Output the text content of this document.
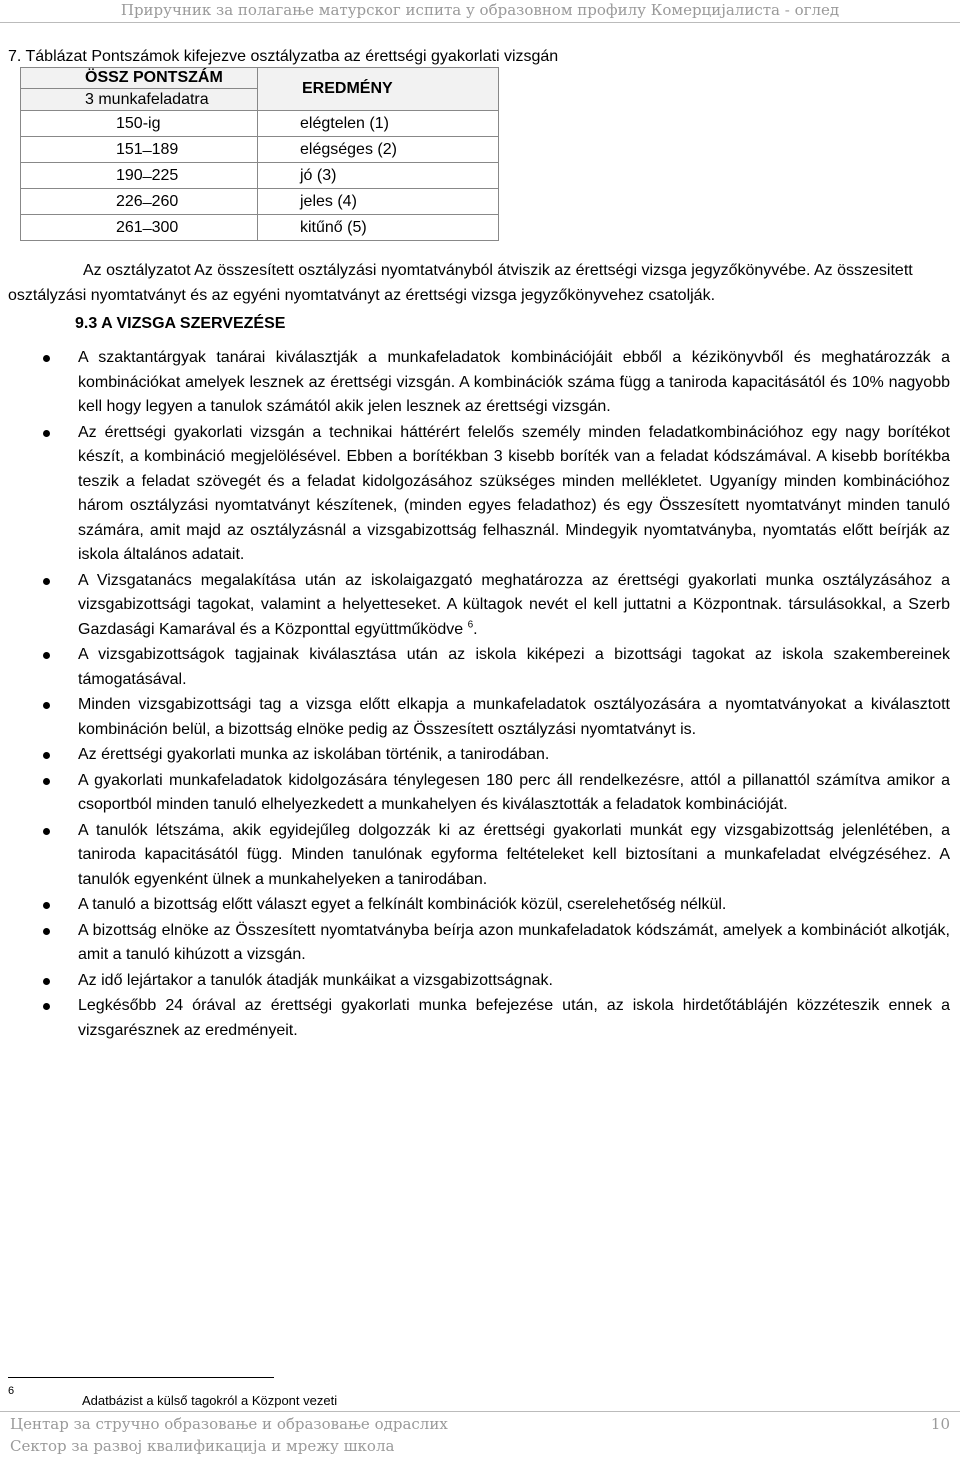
Приручник за полагање матурског испита у образовном профилу Комерцијалиста - оглед
7. Táblázat Pontszámok kifejezve osztályzatba az érettségi gyakorlati vizsgán
ÖSSZ PONTSZÁM	EREDMÉNY
3 munkafeladatra	
150-ig	elégtelen (1)
151 ̶ 189	elégséges (2)
190 ̶ 225	jó (3)
226 ̶ 260	jeles (4)
261 ̶ 300	kitűnő (5)
Az osztályzatot Az összesített osztályzási nyomtatványból átviszik az érettségi vizsga jegyzőkönyvébe. Az összesitett osztályzási nyomtatványt és az egyéni nyomtatványt az érettségi vizsga jegyzőkönyvehez csatolják.
9.3 A VIZSGA SZERVEZÉSE
A szaktantárgyak tanárai kiválasztják a munkafeladatok kombinációjáit ebből a kézikönyvből és meghatározzák a kombinációkat amelyek lesznek az érettségi vizsgán. A kombinációk száma függ a taniroda kapacitásától és 10% nagyobb kell hogy legyen a tanulok számától akik jelen lesznek az érettségi vizsgán.
Az érettségi gyakorlati vizsgán a technikai háttérért felelős személy minden feladatkombinációhoz egy nagy borítékot készít, a kombináció megjelölésével. Ebben a borítékban 3 kisebb boríték van a feladat kódszámával. A kisebb borítékba teszik a feladat szövegét és a feladat kidolgozásához szükséges minden mellékletet. Ugyanígy minden kombinációhoz három osztályzási nyomtatványt készítenek, (minden egyes feladathoz) és egy Összesített nyomtatványt minden tanuló számára, amit majd az osztályzásnál a vizsgabizottság felhasznál. Mindegyik nyomtatványba, nyomtatás előtt beírják az iskola általános adatait.
A Vizsgatanács megalakítása után az iskolaigazgató meghatározza az érettségi gyakorlati munka osztályzásához a vizsgabizottsági tagokat, valamint a helyetteseket. A kültagok nevét el kell juttatni a Központnak. társulásokkal, a Szerb Gazdasági Kamarával és a Központtal együttműködve $^6$.
A vizsgabizottságok tagjainak kiválasztása után az iskola kiképezi a bizottsági tagokat az iskola szakembereinek támogatásával.
Minden vizsgabizottsági tag a vizsga előtt elkapja a munkafeladatok osztályozására a nyomtatványokat a kiválasztott kombináción belül, a bizottság elnöke pedig az Összesített osztályzási nyomtatványt is.
Az érettségi gyakorlati munka az iskolában történik, a tanirodában.
A gyakorlati munkafeladatok kidolgozására ténylegesen 180 perc áll rendelkezésre, attól a pillanattól számítva amikor a csoportból minden tanuló elhelyezkedett a munkahelyen és kiválasztották a feladatok kombinációját.
A tanulók létszáma, akik egyidejűleg dolgozzák ki az érettségi gyakorlati munkát egy vizsgabizottság jelenlétében, a taniroda kapacitásától függ. Minden tanulónak egyforma feltételeket kell biztosítani a munkafeladat elvégzéséhez. A tanulók egyenként ülnek a munkahelyeken a tanirodában.
A tanuló a bizottság előtt választ egyet a felkínált kombinációk közül, cserelehetőség nélkül.
A bizottság elnöke az Összesített nyomtatványba beírja azon munkafeladatok kódszámát, amelyek a kombinációt alkotják, amit a tanuló kihúzott a vizsgán.
Az idő lejártakor a tanulók átadják munkáikat a vizsgabizottságnak.
Legkésőbb 24 órával az érettségi gyakorlati munka befejezése után, az iskola hirdetőtáblájén közzéteszik ennek a vizsgarésznek az eredményeit.
6
Adatbázist a külső tagokról a Központ vezeti
Центар за стручно образовање и образовање одраслих
Сектор за развој квалификација и мрежу школа
10
